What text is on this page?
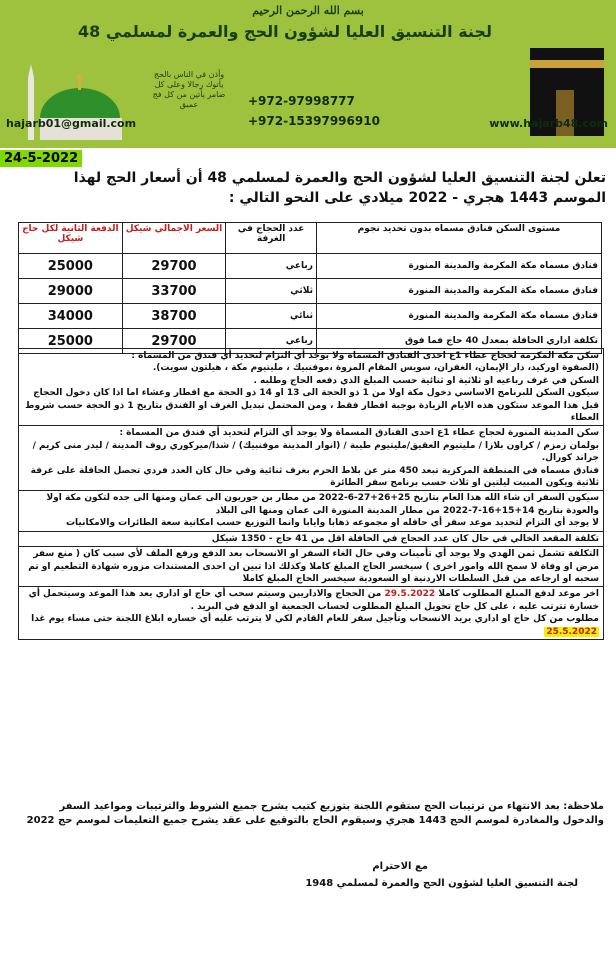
بسم الله الرحمن الرحيم
لجنة التنسيق العليا لشؤون الحج والعمرة لمسلمي 48
وأذن في الناس بالحج يأتوك رجالا وعلى كل ضامر يأتين من كل فج عميق	+972-97998777
+972-15397996910
hajarb01@gmail.com	www.hajarb48.com
24-5-2022
تعلن لجنة التنسيق العليا لشؤون الحج والعمرة لمسلمي 48 أن أسعار الحج لهذا
الموسم 1443 هجري - 2022 ميلادي على النحو التالي :
مستوى السكن فنادق مسماه بدون تحديد نجوم	عدد الحجاج في الغرفة	السعر الاجمالي شيكل	الدفعة الثانية لكل حاج شيكل
فنادق مسماه مكة المكرمة والمدينة المنورة	رباعي	29700	25000
فنادق مسماه مكة المكرمة والمدينة المنورة	ثلاثي	33700	29000
فنادق مسماه مكة المكرمة والمدينة المنورة	ثنائي	38700	34000
تكلفة اداري الحافلة بمعدل 40 حاج فما فوق	رباعي	29700	25000

سكن مكة المكرمة لحجاج عطاء 1ع احدى الفنادق المسماة ولا يوجد أي التزام لتحديد أي فندق من المسماة :

(الصفوة اوركيد، دار الإيمان، الغفران، سويس المقام المروة ،موفنبيك ، مليتيوم مكة ، هيلتون سويت).

السكن في غرف رباعيه او ثلاثية او ثنائية حسب المبلغ الذي دفعه الحاج وطلبه .

سيكون السكن للبرنامج الاساسي دخول مكة اولا من 1 ذو الحجة الى 13 او 14 ذو الحجة مع افطار وعشاء اما اذا كان دخول الحجاج قبل هذا الموعد ستكون هذه الايام الزيادة بوجبة افطار فقط ، ومن المحتمل تبديل الغرف او الفندق بتاريخ 1 ذو الحجة حسب شروط العطاء

سكن المدينة المنورة لحجاج عطاء 1ع احدى الفنادق المسماة ولا يوجد أي التزام لتحديد أي فندق من المسماة :

بولمان زمزم / كراون بلازا / مليتيوم العقيق/مليتيوم طيبة / (انوار المدينة موفنبيك) / شذا/ميركوري روف المدينة / ليدر منى كريم / جراند كورال.

فنادق مسماه في المنطقة المركزية تبعد 450 متر عن بلاط الحرم بغرف ثنائية وفي حال كان العدد فردي تحصل الحافلة على غرفة ثلاثية ويكون المبيت ليلتين او ثلاث حسب برنامج سفر الطائرة

سيكون السفر ان شاء الله هذا العام بتاريخ 25+26+27-6-2022 من مطار بن جوريون الى عمان ومنها الى جده لتكون مكة اولا

والعودة بتاريخ 14+15+16-7-2022 من مطار المدينة المنورة الى عمان ومنها الى البلاد

لا يوجد أي التزام لتحديد موعد سفر أي حافله او مجموعه ذهابا وايابا وانما التوزيع حسب امكانية سعة الطائرات والامكانيات

تكلفة المقعد الخالي في حال كان عدد الحجاج في الحافلة اقل من 41 حاج - 1350 شيكل

التكلفة تشمل ثمن الهدي ولا يوجد أي تأمينات وفي حال الغاء السفر او الانسحاب بعد الدفع ورفع الملف لأي سبب كان ( منع سفر مرض او وفاة لا سمح الله وامور اخرى ) سيخسر الحاج المبلغ كاملا وكذلك اذا تبين ان احدى المستندات مزوره شهادة التطعيم او تم سحبه او ارجاعه من قبل السلطات الاردنية او السعودية سيخسر الحاج المبلغ كاملا

اخر موعد لدفع المبلغ المطلوب كاملا 29.5.2022 من الحجاج والاداريين وسيتم سحب أي حاج او اداري يعد هذا الموعد وسيتحمل أي خسارة تترتب عليه ، على كل حاج تحويل المبلغ المطلوب لحساب الجمعية او الدفع في البريد .

مطلوب من كل حاج او اداري يريد الانسحاب وتأجيل سفر للعام القادم لكي لا يترتب عليه أي خساره ابلاغ اللجنة حتى مساء يوم غدا 25.5.2022

ملاحظة: بعد الانتهاء من ترتيبات الحج ستقوم اللجنة بتوزيع كتيب يشرح جميع الشروط والترتيبات ومواعيد السفر والدخول والمغادرة لموسم الحج 1443 هجري وسيقوم الحاج بالتوقيع على عقد يشرح جميع التعليمات لموسم حج 2022
مع الاحترام
لجنة التنسيق العليا لشؤون الحج والعمرة لمسلمي 1948
